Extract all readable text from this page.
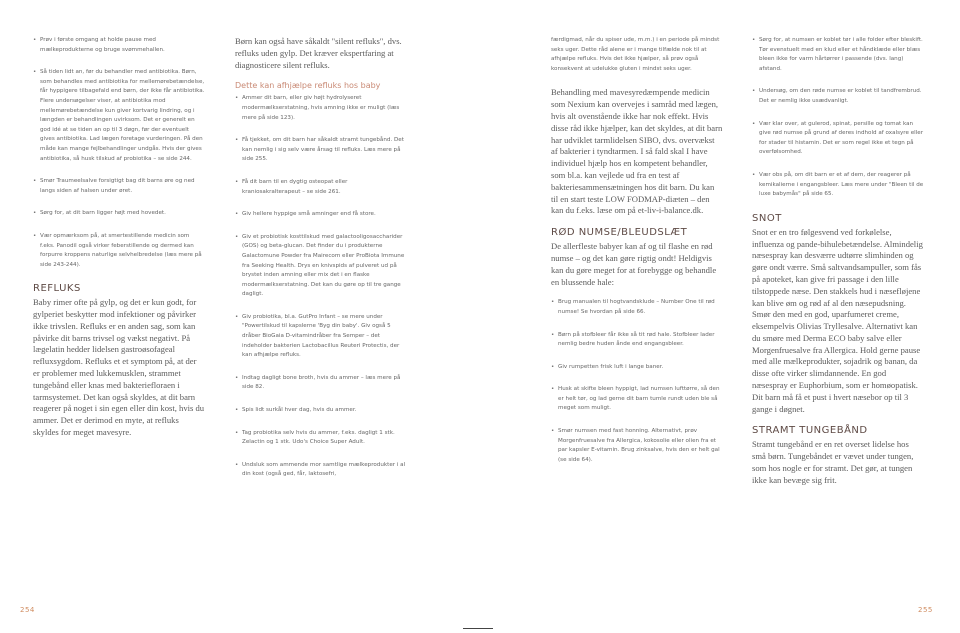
• Prøv i første omgang at holde pause med mælkeprodukterne og bruge svømmehallen.

• Så tiden lidt an, før du behandler med antibiotika. Børn, som behandles med antibiotika for mellemørebetændelse, får hyppigere tilbagefald end børn, der ikke får antibiotika. Flere undersøgelser viser, at antibiotika mod mellemørebetændelse kun giver kortvarig lindring, og i længden er behandlingen uvirksom. Det er generelt en god idé at se tiden an op til 3 døgn, før der eventuelt gives antibiotika. Lad lægen foretage vurderingen. På den måde kan mange fejlbehandlinger undgås. Hvis der gives antibiotika, så husk tilskud af probiotika – se side 244.

• Smør Traumeelsalve forsigtigt bag dit barns øre og ned langs siden af halsen under øret.

• Sørg for, at dit barn ligger højt med hovedet.

• Vær opmærksom på, at smertestillende medicin som f.eks. Panodil også virker feberstillende og dermed kan forpurre kroppens naturlige selvhelbredelse (læs mere på side 243-244).

REFLUKS

Baby rimer ofte på gylp, og det er kun godt, for gylperiet beskytter mod infektioner og påvirker ikke trivslen. Refluks er en anden sag, som kan påvirke dit barns trivsel og vækst negativt. På lægelatin hedder lidelsen gastroøsofageal refluxsygdom. Refluks et et symptom på, at der er problemer med lukkemusklen, strammet tungebånd eller knas med bakteriefloraen i tarmsystemet. Det kan også skyldes, at dit barn reagerer på noget i sin egen eller din kost, hvis du ammer. Det er derimod en myte, at refluks skyldes for meget mavesyre.

Børn kan også have såkaldt "silent refluks", dvs. refluks uden gylp. Det kræver ekspertfaring at diagnosticere silent refluks.

Dette kan afhjælpe refluks hos baby

• Ammer dit barn, eller giv højt hydrolyseret modermælkserstatning, hvis amning ikke er muligt (læs mere på side 123).

• Få tjekket, om dit barn har såkaldt stramt tungebånd. Det kan nemlig i sig selv være årsag til refluks. Læs mere på side 255.

• Få dit barn til en dygtig osteopat eller kraniosakralterapeut – se side 261.

• Giv hellere hyppige små amninger end få store.

• Giv et probiotisk kosttilskud med galactooligosaccharider (GOS) og beta-glucan. Det finder du i produkterne Galactomune Powder fra Mairecom eller ProBiota Immune fra Seeking Health. Drys en knivspids af pulveret ud på brystet inden amning eller mix det i en flaske modermælkserstatning. Det kan du gøre op til tre gange dagligt.

• Giv probiotika, bl.a. GutPro Infant – se mere under "Powertilskud til kapslerne 'Byg din baby'. Giv også 5 dråber BioGaia D-vitamindråber fra Semper – det indeholder bakterien Lactobacillus Reuteri Protectis, der kan afhjælpe refluks.

• Indtag dagligt bone broth, hvis du ammer – læs mere på side 82.

• Spis lidt surkål hver dag, hvis du ammer.

• Tag probiotika selv hvis du ammer, f.eks. dagligt 1 stk. Zelactin og 1 stk. Udo's Choice Super Adult.

• Undsluk som ammende mor samtlige mælkeprodukter i al din kost (også ged, får, laktosefri,

færdigmad, når du spiser ude, m.m.) i en periode på mindst seks uger. Dette råd alene er i mange tilfælde nok til at afhjælpe refluks. Hvis det ikke hjælper, så prøv også konsekvent at udelukke gluten i mindst seks uger.

Behandling med mavesyredæmpende medicin som Nexium kan overvejes i samråd med lægen, hvis alt ovenstående ikke har nok effekt. Hvis disse råd ikke hjælper, kan det skyldes, at dit barn har udviklet tarmlidelsen SIBO, dvs. overvækst af bakterier i tyndtarmen. I så fald skal I have individuel hjælp hos en kompetent behandler, som bl.a. kan vejlede ud fra en test af bakteriesammensætningen hos dit barn. Du kan til en start teste LOW FODMAP-diæten – den kan du f.eks. læse om på et-liv-i-balance.dk.

RØD NUMSE/BLEUDSLÆT

De allerfleste babyer kan af og til flashe en rød numse – og det kan gøre rigtig ondt! Heldigvis kan du gøre meget for at forebygge og behandle en blussende hale:

• Brug manualen til hogtvandsklude – Number One til rød numse! Se hvordan på side 66.

• Børn på stofbleer får ikke så tit rød hale. Stofbleer lader nemlig bedre huden ånde end engangsbleer.

• Giv rumpetten frisk luft i lange baner.

• Husk at skifte bleen hyppigt, lad numsen lufttørre, så den er helt tør, og lad gerne dit barn tumle rundt uden ble så meget som muligt.

• Smør numsen med fast honning. Alternativt, prøv Morgenfruesalve fra Allergica, kokosolie eller olien fra et par kapsler E-vitamin. Brug zinksalve, hvis den er helt gal (se side 64).

• Sørg for, at numsen er koblet tør i alle folder efter bleskift. Tør evenstuelt med en klud eller et håndklæde eller blæs bleen ikke for varm hårtørrer i passende (dvs. lang) afstand.

• Undersøg, om den røde numse er koblet til tandfrembrud. Det er nemlig ikke usædvanligt.

• Vær klar over, at gulerod, spinat, persille og tomat kan give rød numse på grund af deres indhold af oxalsyre eller for stader til histamin. Det er som regel ikke et tegn på overfølsomhed.

• Vær obs på, om dit barn er et af dem, der reagerer på kemikalierne i engangsbleer. Læs mere under "Bleen til de luxe babymås" på side 65.

SNOT

Snot er en tro følgesvend ved forkølelse, influenza og pande-bihulebetændelse. Almindelig næsespray kan desværre udtørre slimhinden og gøre ondt værre. Små saltvandsampuller, som fås på apoteket, kan give fri passage i den lille tilstoppede næse. Den stakkels hud i næsefløjene kan blive øm og rød af al den næsepudsning. Smør den med en god, uparfumeret creme, eksempelvis Olivias Tryllesalve. Alternativt kan du smøre med Derma ECO baby salve eller Morgenfruesalve fra Allergica. Hold gerne pause med alle mælkeprodukter, sojadrik og banan, da disse ofte virker slimdannende. En god næsespray er Euphorbium, som er homøopatisk. Dit barn må få et pust i hvert næsebor op til 3 gange i døgnet.

STRAMT TUNGEBÅND

Stramt tungebånd er en ret overset lidelse hos små børn. Tungebåndet er vævet under tungen, som hos nogle er for stramt. Det gør, at tungen ikke kan bevæge sig frit.

254	255
